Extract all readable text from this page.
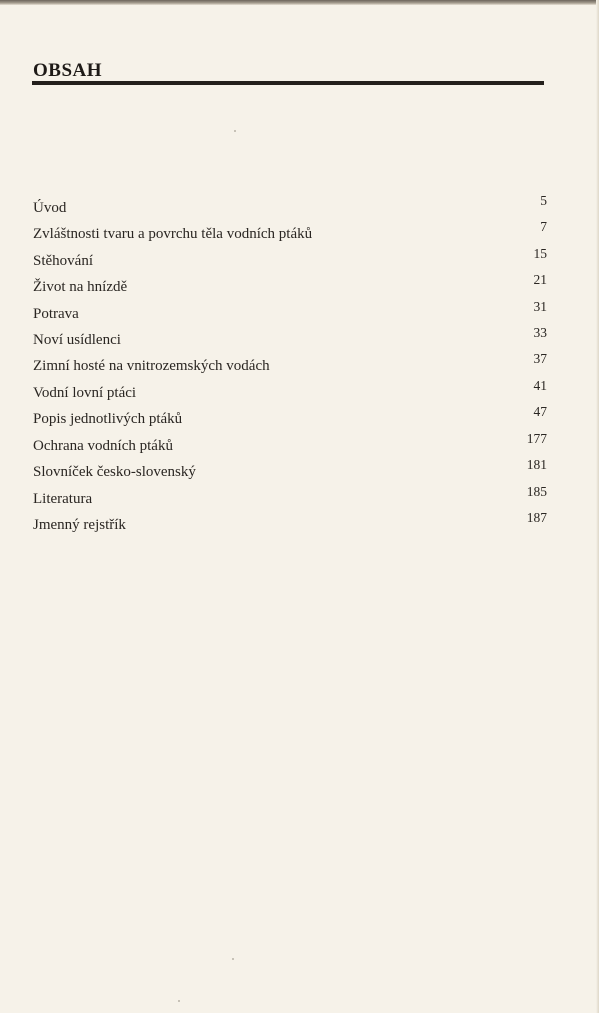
OBSAH
Úvod	5
Zvláštnosti tvaru a povrchu těla vodních ptáků	7
Stěhování	15
Život na hnízdě	21
Potrava	31
Noví usídlenci	33
Zimní hosté na vnitrozemských vodách	37
Vodní lovní ptáci	41
Popis jednotlivých ptáků	47
Ochrana vodních ptáků	177
Slovníček česko-slovenský	181
Literatura	185
Jmenný rejstřík	187
